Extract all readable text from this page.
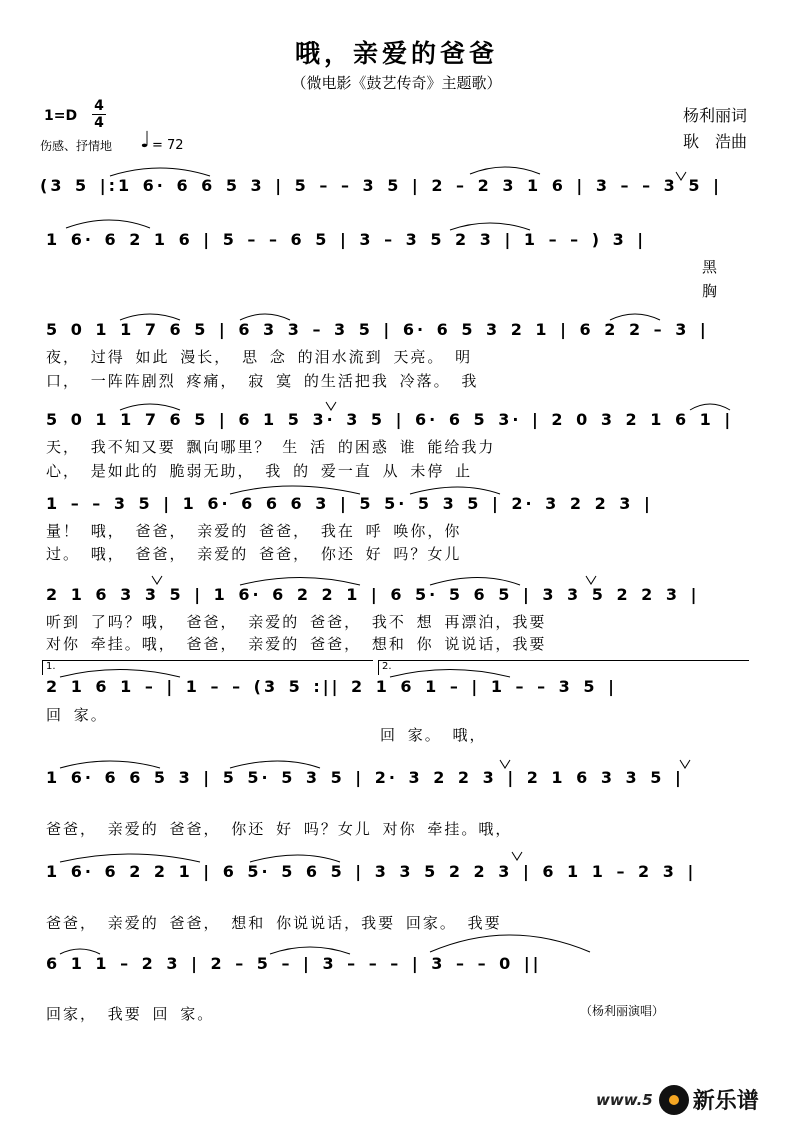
哦，亲爱的爸爸
（微电影《鼓艺传奇》主题歌）
1=D
4
4
伤感、抒情地 ♩ = 72
杨利丽词
耿　浩曲
(3 5 |:1 6· 6 6 5 3 | 5 – – 3 5 | 2 – 2 3 1 6 | 3 – – 3 5 |
1 6· 6 2 1 6 | 5 – – 6 5 | 3 – 3 5 2 3 | 1 – – ) 3 |
黑
胸
5 0 1 1 7 6 5 | 6 3 3 – 3 5 | 6· 6 5 3 2 1 | 6 2 2 – 3 |
夜， 过得 如此 漫长， 思 念 的泪水流到 天亮。 明
口， 一阵阵剧烈 疼痛， 寂 寞 的生活把我 冷落。 我
5 0 1 1 7 6 5 | 6 1 5 3· 3 5 | 6· 6 5 3· | 2 0 3 2 1 6 1 |
天， 我不知又要 飘向哪里？ 生 活 的困惑 谁 能给我力
心， 是如此的 脆弱无助， 我 的 爱一直 从 未停 止
1 – – 3 5 | 1 6· 6 6 6 3 | 5 5· 5 3 5 | 2· 3 2 2 3 |
量！ 哦， 爸爸， 亲爱的 爸爸， 我在 呼 唤你，你
过。 哦， 爸爸， 亲爱的 爸爸， 你还 好 吗？女儿
2 1 6 3 3 5 | 1 6· 6 2 2 1 | 6 5· 5 6 5 | 3 3 5 2 2 3 |
听到 了吗？哦， 爸爸， 亲爱的 爸爸， 我不 想 再漂泊，我要
对你 牵挂。哦， 爸爸， 亲爱的 爸爸， 想和 你 说说话，我要
1.	2.
2 1 6 1 – | 1 – – (3 5 :|| 2 1 6 1 – | 1 – – 3 5 |
回 家。
回 家。 哦，
1 6· 6 6 5 3 | 5 5· 5 3 5 | 2· 3 2 2 3 | 2 1 6 3 3 5 |
爸爸， 亲爱的 爸爸， 你还 好 吗？女儿 对你 牵挂。哦，
1 6· 6 2 2 1 | 6 5· 5 6 5 | 3 3 5 2 2 3 | 6 1 1 – 2 3 |
爸爸， 亲爱的 爸爸， 想和 你说说话，我要 回家。 我要
6 1 1 – 2 3 | 2 – 5 – | 3 – – – | 3 – – 0 ||
回家， 我要 回 家。	（杨利丽演唱）
www.5 新乐谱
